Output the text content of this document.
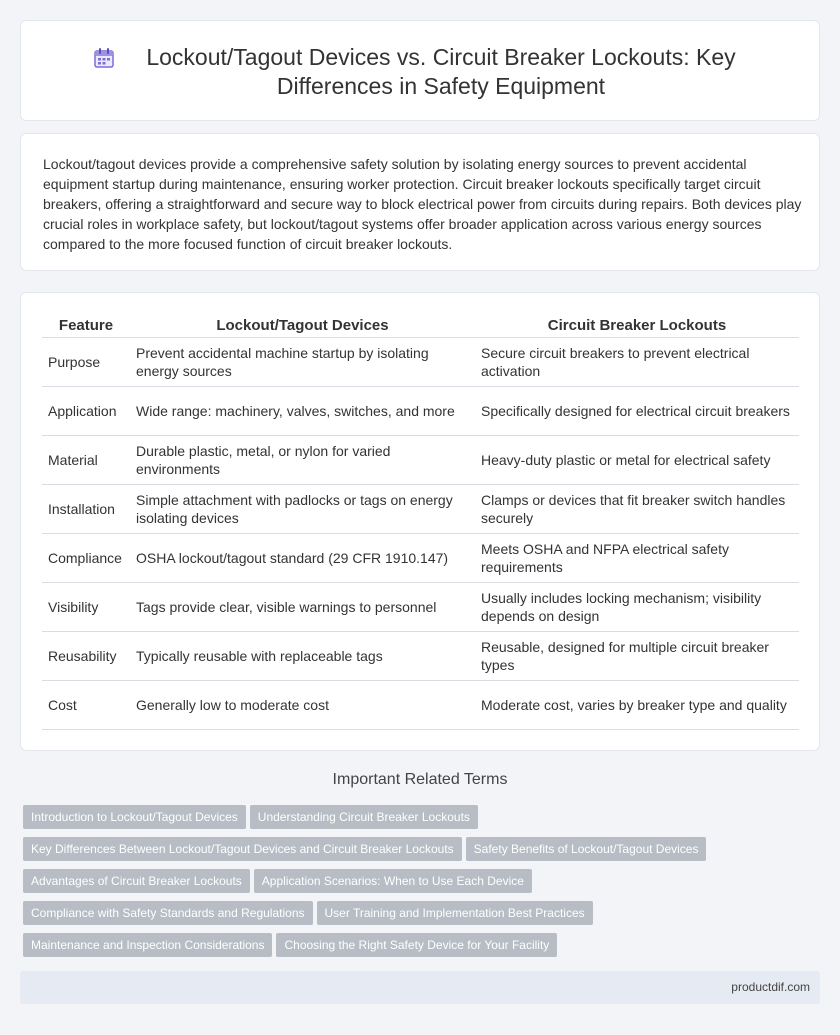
Lockout/Tagout Devices vs. Circuit Breaker Lockouts: Key Differences in Safety Equipment

Lockout/tagout devices provide a comprehensive safety solution by isolating energy sources to prevent accidental equipment startup during maintenance, ensuring worker protection. Circuit breaker lockouts specifically target circuit breakers, offering a straightforward and secure way to block electrical power from circuits during repairs. Both devices play crucial roles in workplace safety, but lockout/tagout systems offer broader application across various energy sources compared to the more focused function of circuit breaker lockouts.

Feature	Lockout/Tagout Devices	Circuit Breaker Lockouts
Purpose	Prevent accidental machine startup by isolating energy sources	Secure circuit breakers to prevent electrical activation
Application	Wide range: machinery, valves, switches, and more	Specifically designed for electrical circuit breakers
Material	Durable plastic, metal, or nylon for varied environments	Heavy-duty plastic or metal for electrical safety
Installation	Simple attachment with padlocks or tags on energy isolating devices	Clamps or devices that fit breaker switch handles securely
Compliance	OSHA lockout/tagout standard (29 CFR 1910.147)	Meets OSHA and NFPA electrical safety requirements
Visibility	Tags provide clear, visible warnings to personnel	Usually includes locking mechanism; visibility depends on design
Reusability	Typically reusable with replaceable tags	Reusable, designed for multiple circuit breaker types
Cost	Generally low to moderate cost	Moderate cost, varies by breaker type and quality
Important Related Terms
Introduction to Lockout/Tagout Devices Understanding Circuit Breaker Lockouts
Key Differences Between Lockout/Tagout Devices and Circuit Breaker Lockouts Safety Benefits of Lockout/Tagout Devices
Advantages of Circuit Breaker Lockouts Application Scenarios: When to Use Each Device
Compliance with Safety Standards and Regulations User Training and Implementation Best Practices
Maintenance and Inspection Considerations Choosing the Right Safety Device for Your Facility
productdif.com
